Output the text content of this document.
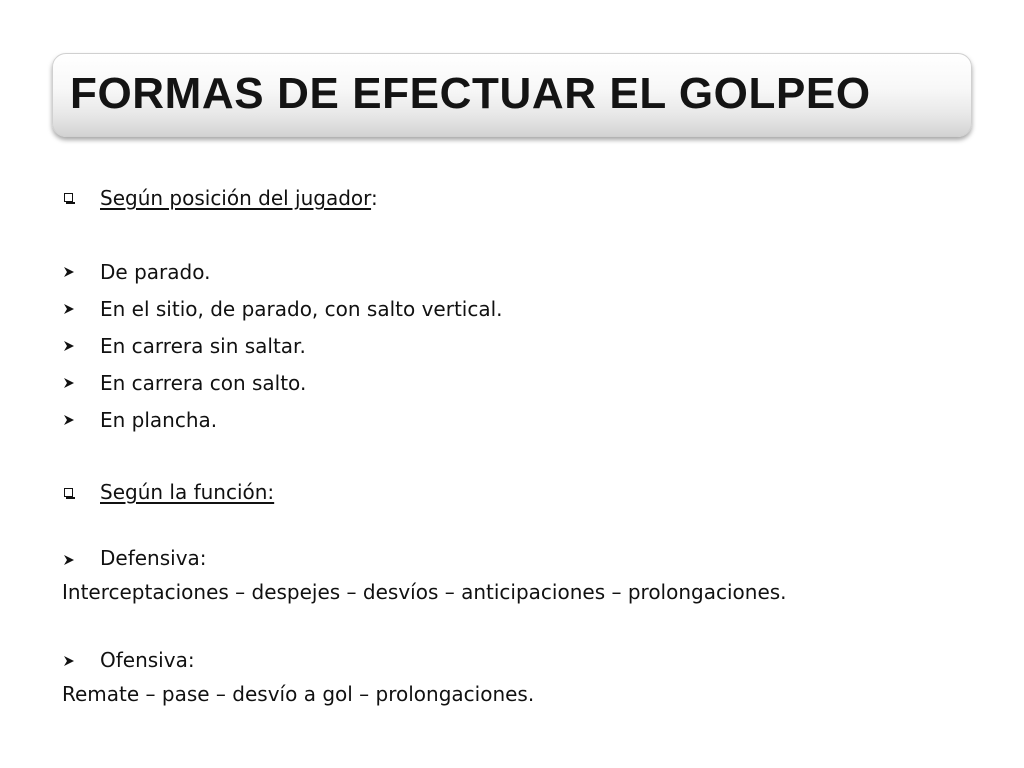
FORMAS DE EFECTUAR EL GOLPEO
Según posición del jugador:
De parado.
En el sitio, de parado, con salto vertical.
En carrera sin saltar.
En carrera con salto.
En plancha.
Según la función:
Defensiva:
Interceptaciones – despejes – desvíos – anticipaciones – prolongaciones.
Ofensiva:
Remate – pase – desvío a gol – prolongaciones.
